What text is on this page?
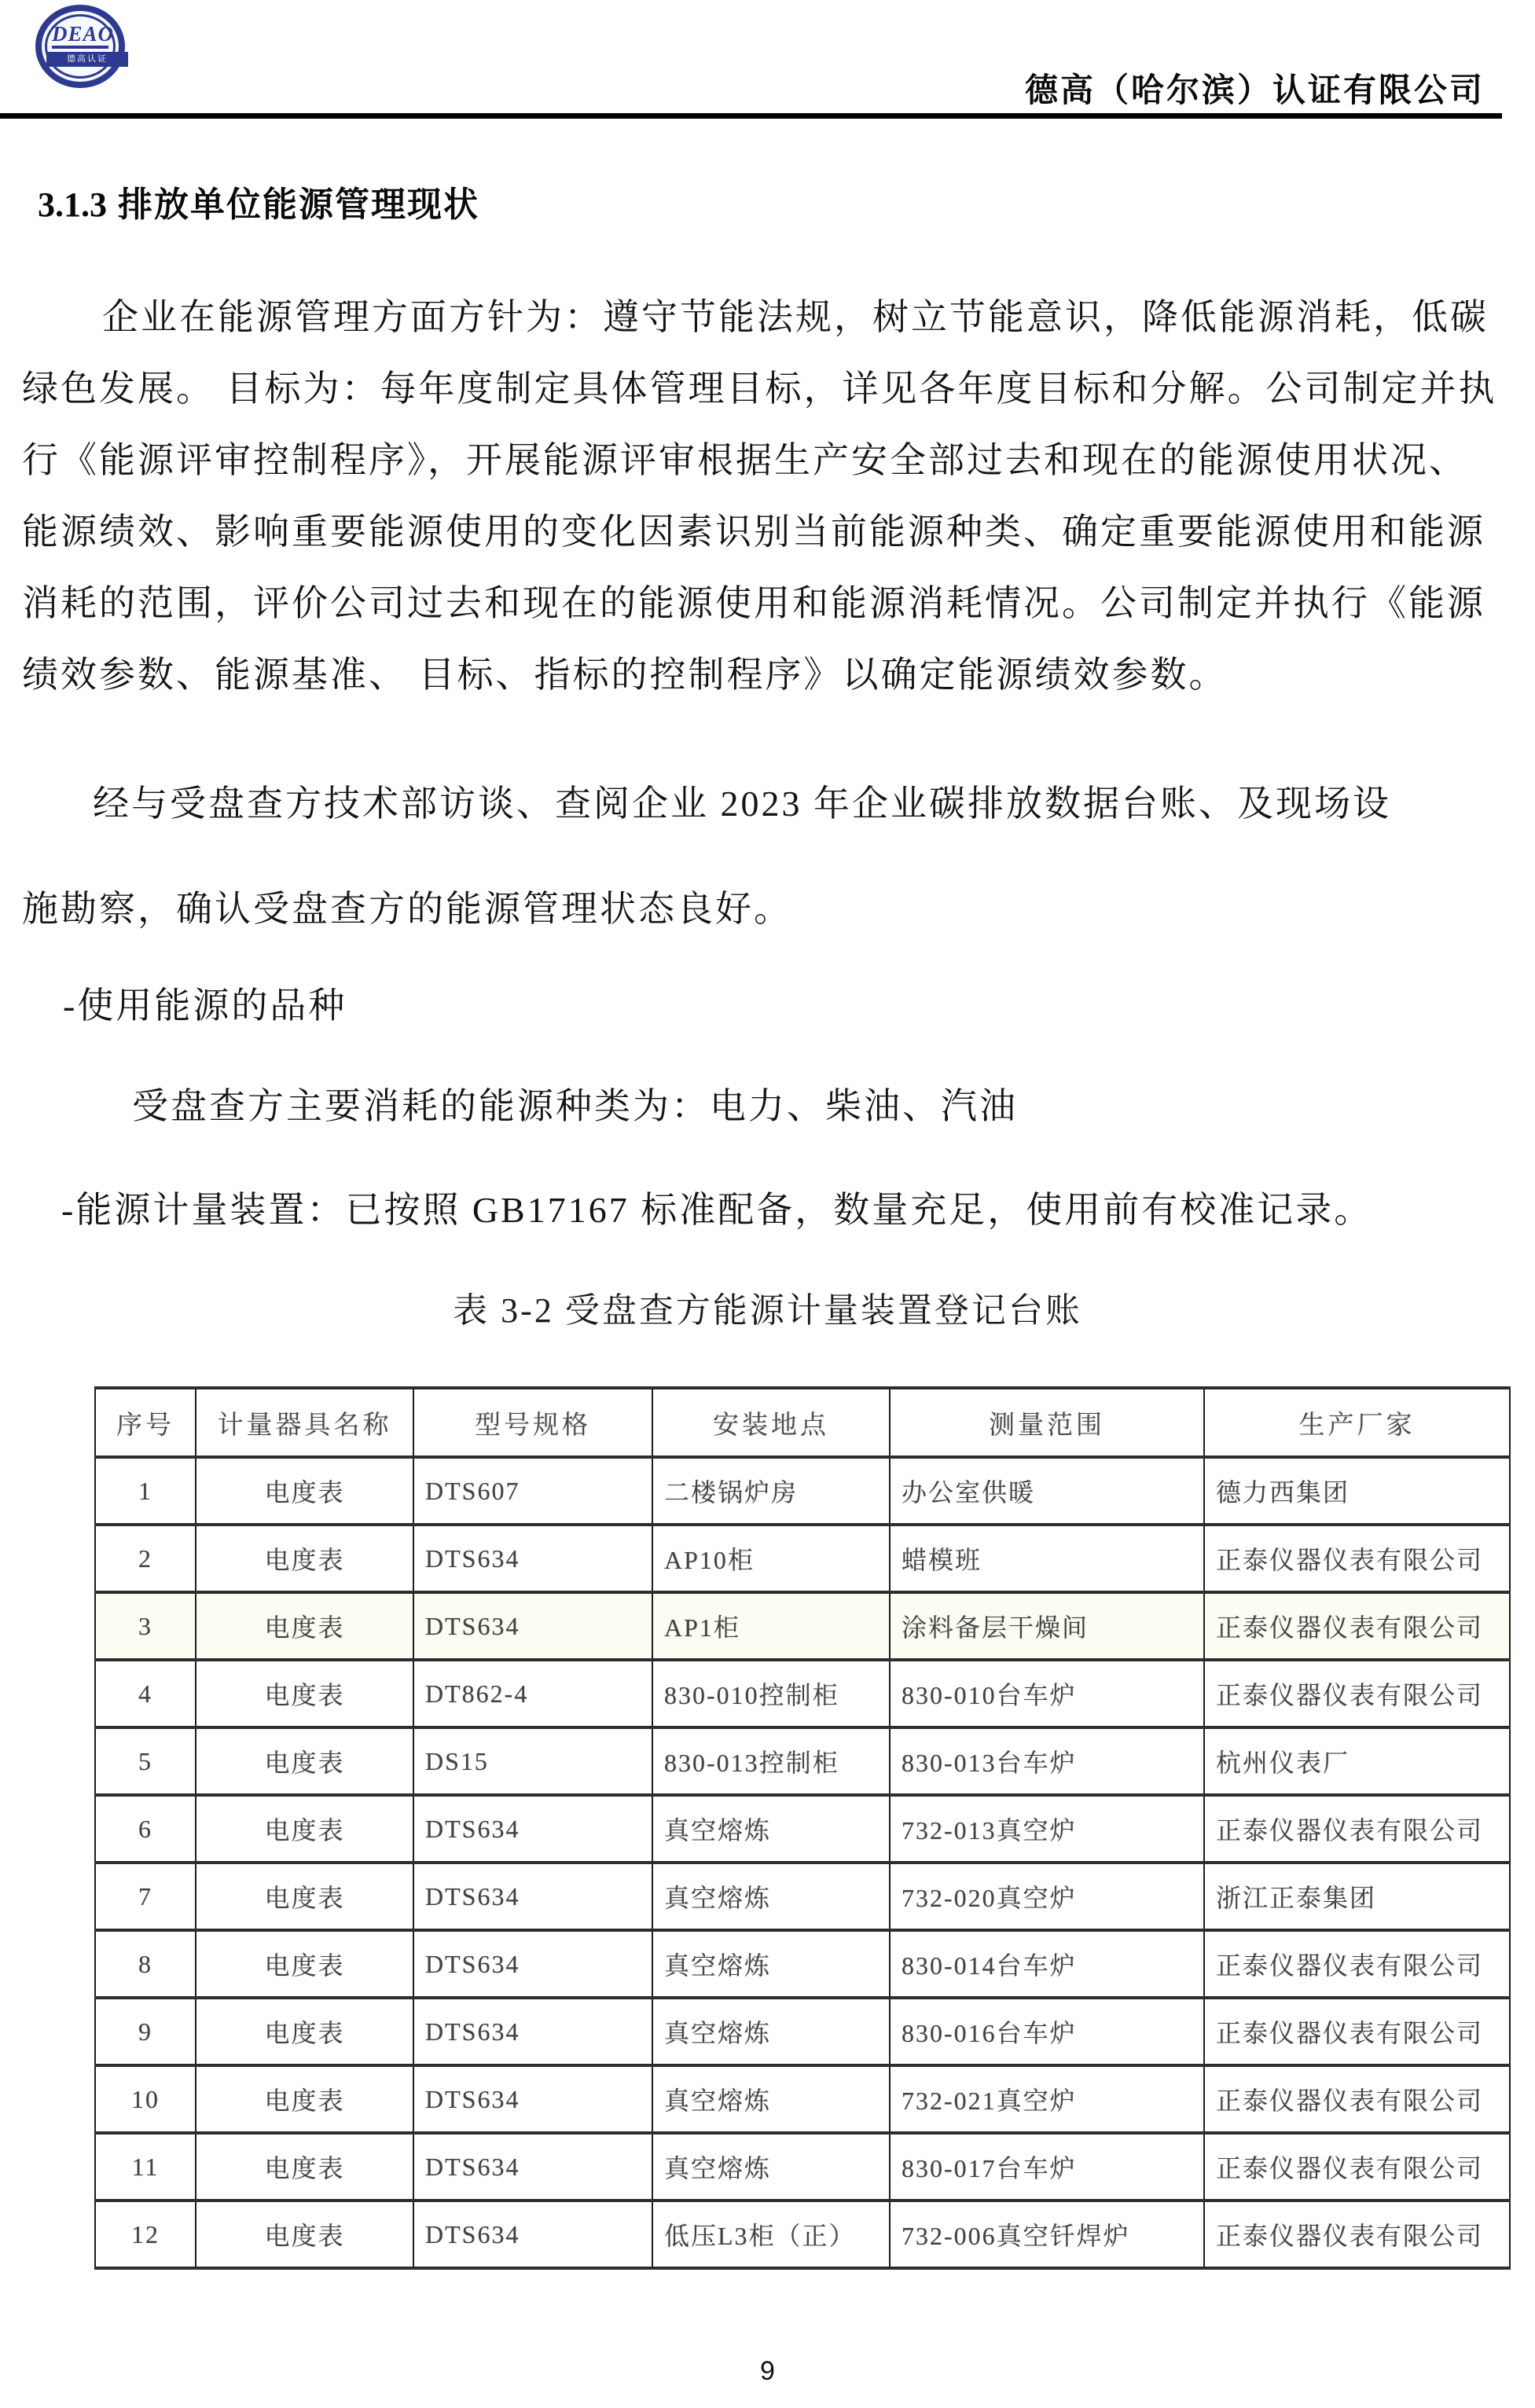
DEAO
德高认证
德高（哈尔滨）认证有限公司
3.1.3 排放单位能源管理现状
企业在能源管理方面方针为：遵守节能法规，树立节能意识，降低能源消耗，低碳
绿色发展。 目标为：每年度制定具体管理目标，详见各年度目标和分解。公司制定并执
行《能源评审控制程序》，开展能源评审根据生产安全部过去和现在的能源使用状况、
能源绩效、影响重要能源使用的变化因素识别当前能源种类、确定重要能源使用和能源
消耗的范围，评价公司过去和现在的能源使用和能源消耗情况。公司制定并执行《能源
绩效参数、能源基准、 目标、指标的控制程序》以确定能源绩效参数。
经与受盘查方技术部访谈、查阅企业 2023 年企业碳排放数据台账、及现场设
施勘察，确认受盘查方的能源管理状态良好。
-使用能源的品种
受盘查方主要消耗的能源种类为：电力、柴油、汽油
-能源计量装置：已按照 GB17167 标准配备，数量充足，使用前有校准记录。
表 3-2 受盘查方能源计量装置登记台账
序号	计量器具名称	型号规格	安装地点	测量范围	生产厂家
1	电度表	DTS607	二楼锅炉房	办公室供暖	德力西集团
2	电度表	DTS634	AP10柜	蜡模班	正泰仪器仪表有限公司
3	电度表	DTS634	AP1柜	涂料备层干燥间	正泰仪器仪表有限公司
4	电度表	DT862-4	830-010控制柜	830-010台车炉	正泰仪器仪表有限公司
5	电度表	DS15	830-013控制柜	830-013台车炉	杭州仪表厂
6	电度表	DTS634	真空熔炼	732-013真空炉	正泰仪器仪表有限公司
7	电度表	DTS634	真空熔炼	732-020真空炉	浙江正泰集团
8	电度表	DTS634	真空熔炼	830-014台车炉	正泰仪器仪表有限公司
9	电度表	DTS634	真空熔炼	830-016台车炉	正泰仪器仪表有限公司
10	电度表	DTS634	真空熔炼	732-021真空炉	正泰仪器仪表有限公司
11	电度表	DTS634	真空熔炼	830-017台车炉	正泰仪器仪表有限公司
12	电度表	DTS634	低压L3柜（正）	732-006真空钎焊炉	正泰仪器仪表有限公司
9
